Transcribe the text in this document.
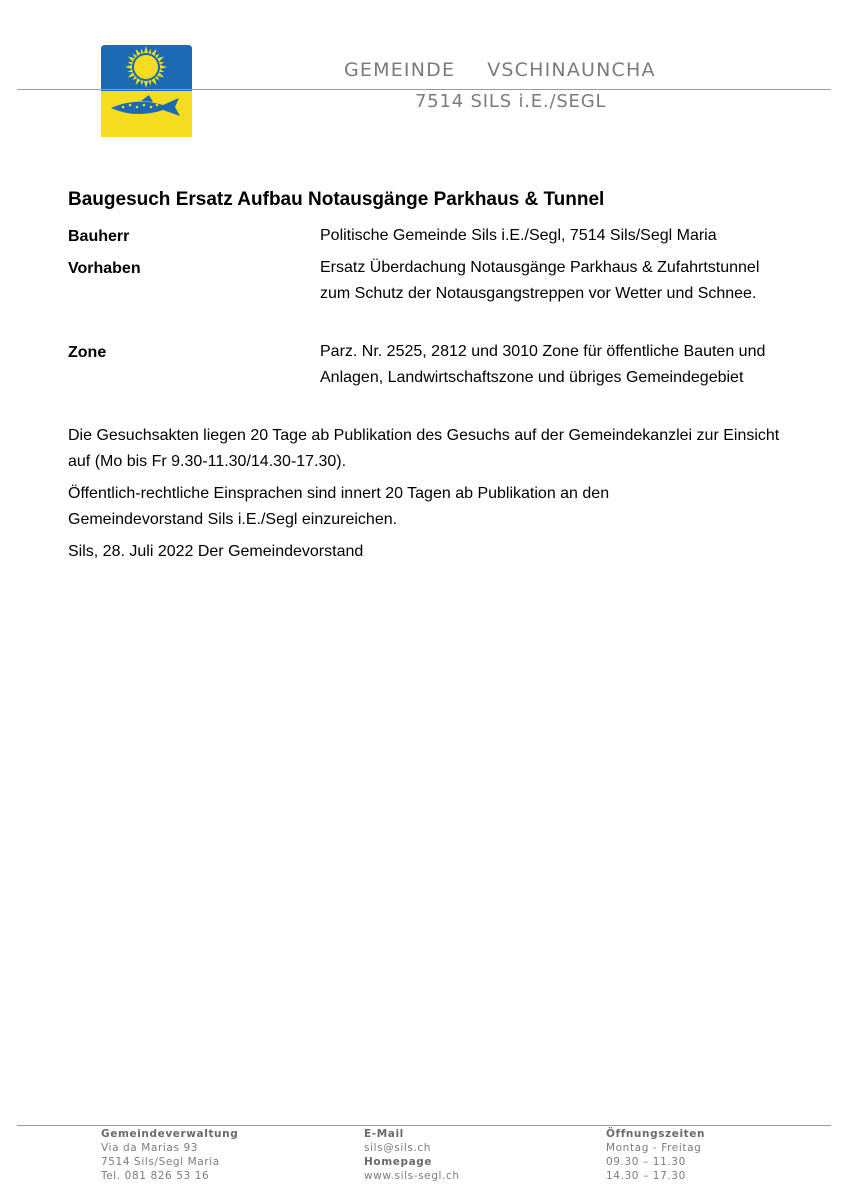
GEMEINDE VSCHINAUNCHA
7514 SILS i.E./SEGL
Baugesuch Ersatz Aufbau Notausgänge Parkhaus & Tunnel
Bauherr	Politische Gemeinde Sils i.E./Segl, 7514 Sils/Segl Maria
Vorhaben	Ersatz Überdachung Notausgänge Parkhaus & Zufahrtstunnel zum Schutz der Notausgangstreppen vor Wetter und Schnee.
Zone	Parz. Nr. 2525, 2812 und 3010 Zone für öffentliche Bauten und Anlagen, Landwirtschaftszone und übriges Gemeindegebiet
Die Gesuchsakten liegen 20 Tage ab Publikation des Gesuchs auf der Gemeindekanzlei zur Einsicht auf (Mo bis Fr 9.30-11.30/14.30-17.30).
Öffentlich-rechtliche Einsprachen sind innert 20 Tagen ab Publikation an den Gemeindevorstand Sils i.E./Segl einzureichen.
Sils, 28. Juli 2022 Der Gemeindevorstand
Gemeindeverwaltung
Via da Marias 93
7514 Sils/Segl Maria
Tel. 081 826 53 16
E-Mail
sils@sils.ch
Homepage
www.sils-segl.ch
Öffnungszeiten
Montag - Freitag
09.30 – 11.30
14.30 – 17.30
